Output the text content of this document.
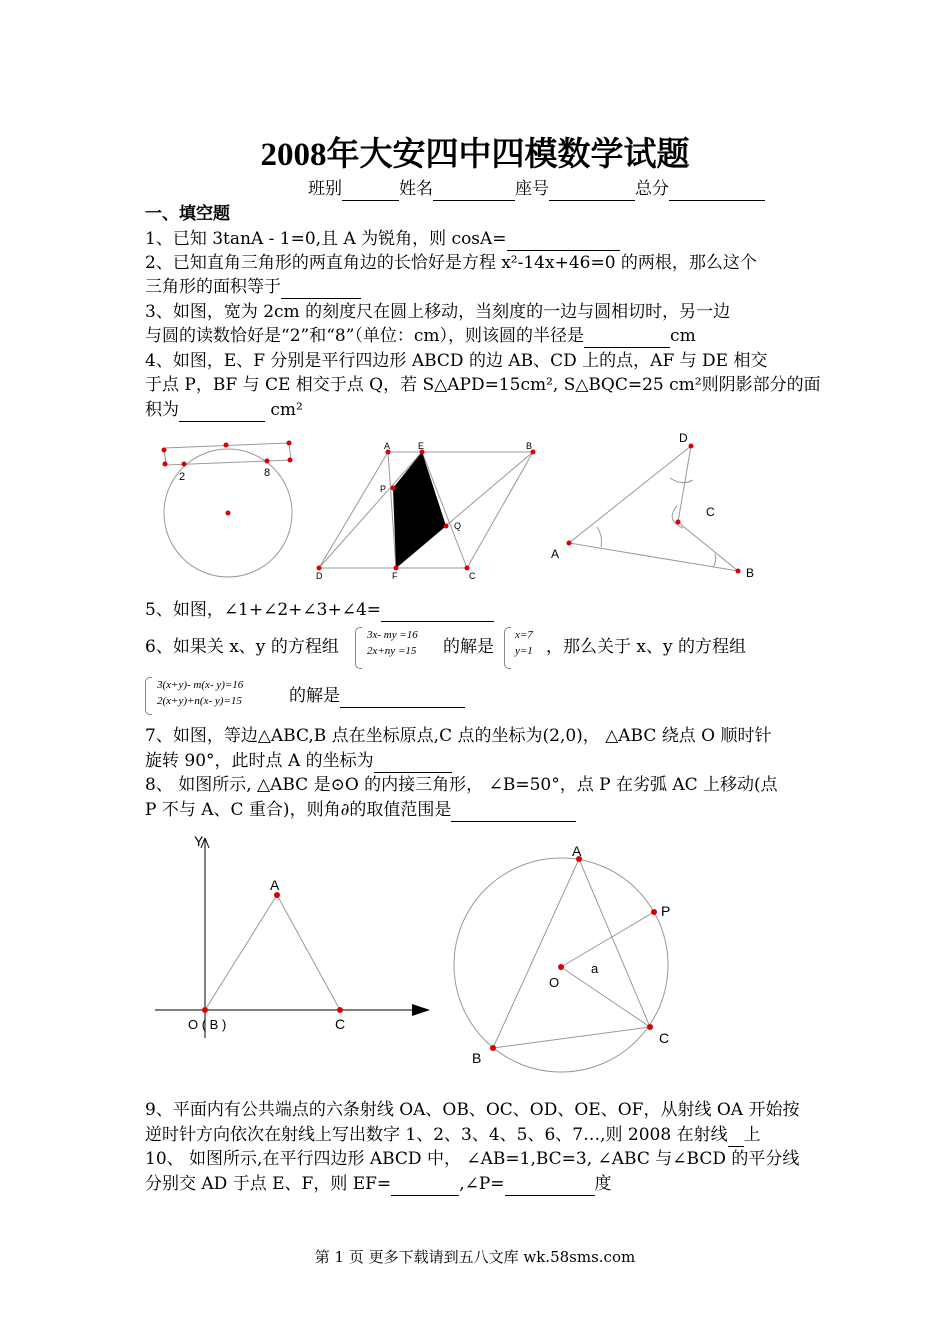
2008年大安四中四模数学试题
班别	姓名	座号	总分
一、填空题
1、已知 3tanA - 1=0,且 A 为锐角，则 cosA=
2、已知直角三角形的两直角边的长恰好是方程 x²-14x+46=0 的两根，那么这个
三角形的面积等于
3、如图，宽为 2cm 的刻度尺在圆上移动，当刻度的一边与圆相切时，另一边
与圆的读数恰好是“2”和“8”（单位：cm），则该圆的半径是	cm
4、如图，E、F 分别是平行四边形 ABCD 的边 AB、CD 上的点，AF 与 DE 相交
于点 P，BF 与 CE 相交于点 Q，若 S△APD=15cm², S△BQC=25 cm²则阴影部分的面
积为	cm²
2	8
A	E	B
P
Q
D	F	C
D
C
A
B
5、如图，∠1+∠2+∠3+∠4=
6、如果关 x、y 的方程组
3x- my =16
2x+ny =15	的解是
x=7
y=1 ，那么关于 x、y 的方程组
3(x+y)- m(x- y)=16
2(x+y)+n(x- y)=15	的解是
7、如图，等边△ABC,B 点在坐标原点,C 点的坐标为(2,0)， △ABC 绕点 O 顺时针
旋转 90°，此时点 A 的坐标为
8、 如图所示, △ABC 是⊙O 的内接三角形， ∠B=50°，点 P 在劣弧 AC 上移动(点
P 不与 A、C 重合)，则角∂的取值范围是
Y
A
O ( B )	C
A
P
O
a
C
B
9、平面内有公共端点的六条射线 OA、OB、OC、OD、OE、OF，从射线 OA 开始按
逆时针方向依次在射线上写出数字 1、2、3、4、5、6、7…,则 2008 在射线 上
10、 如图所示,在平行四边形 ABCD 中， ∠AB=1,BC=3, ∠ABC 与∠BCD 的平分线
分别交 AD 于点 E、F，则 EF=	,∠P=	度
第 1 页 更多下载请到五八文库 wk.58sms.com
